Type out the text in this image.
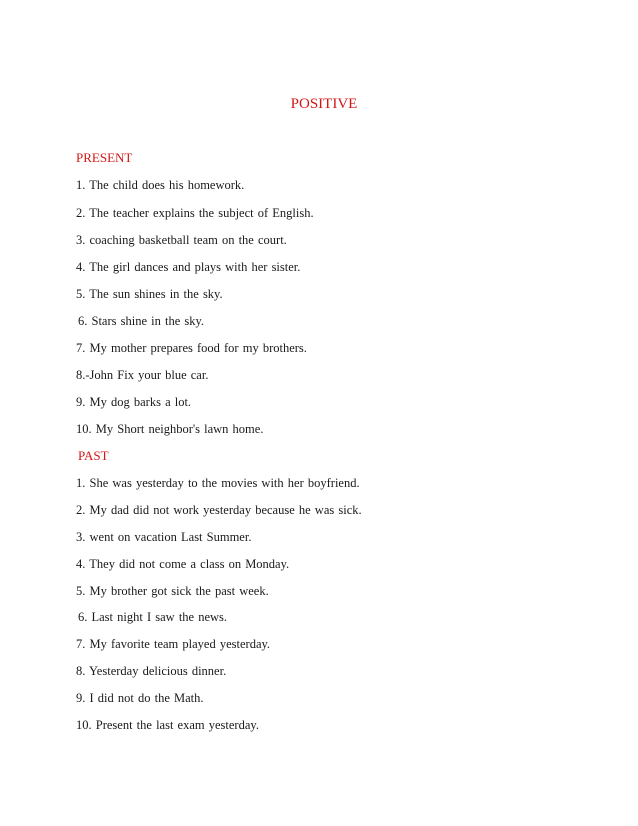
POSITIVE
PRESENT
1. The child does his homework.
2. The teacher explains the subject of English.
3. coaching basketball team on the court.
4. The girl dances and plays with her sister.
5. The sun shines in the sky.
6. Stars shine in the sky.
7. My mother prepares food for my brothers.
8.-John Fix your blue car.
9. My dog barks a lot.
10. My Short neighbor's lawn home.
PAST
1. She was yesterday to the movies with her boyfriend.
2. My dad did not work yesterday because he was sick.
3. went on vacation Last Summer.
4. They did not come a class on Monday.
5. My brother got sick the past week.
6. Last night I saw the news.
7. My favorite team played yesterday.
8. Yesterday delicious dinner.
9. I did not do the Math.
10. Present the last exam yesterday.
